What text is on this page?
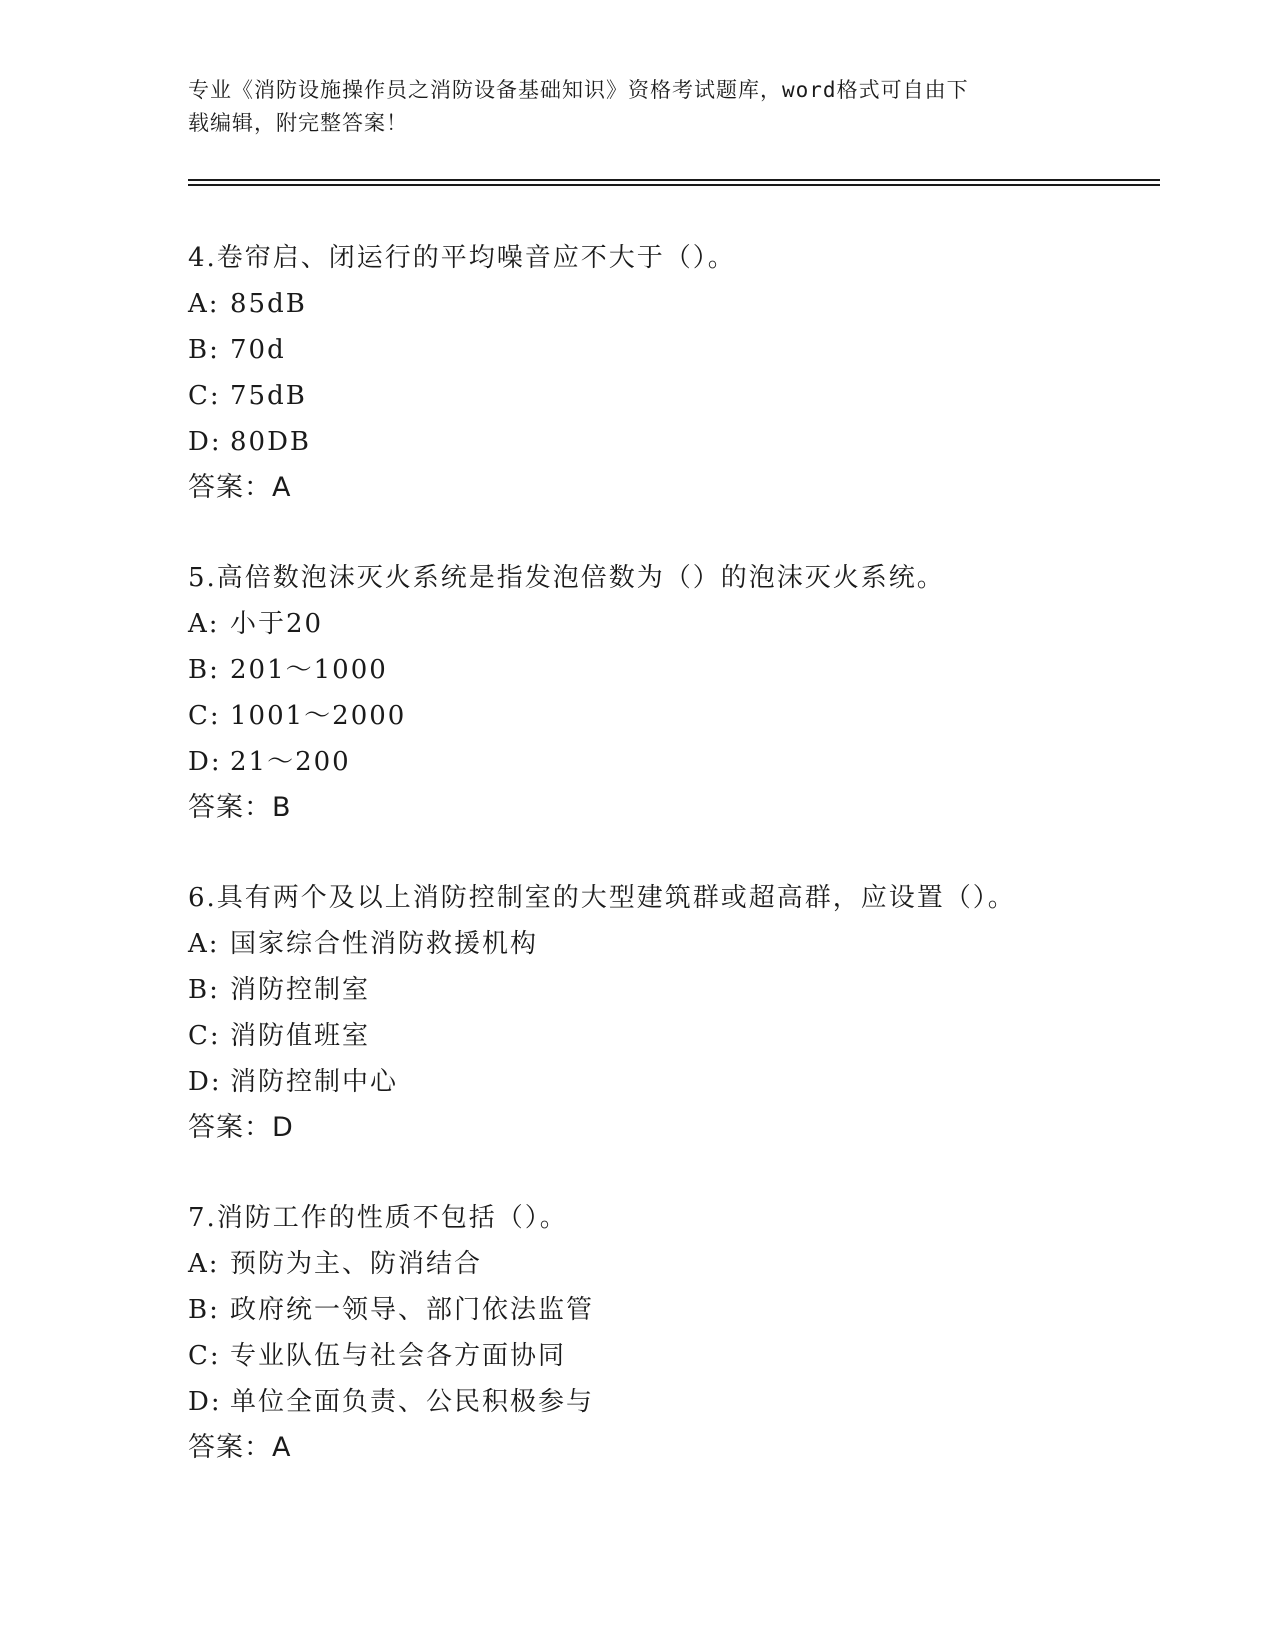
专业《消防设施操作员之消防设备基础知识》资格考试题库，word格式可自由下
载编辑，附完整答案！
4.卷帘启、闭运行的平均噪音应不大于（）。
A: 85dB
B: 70d
C: 75dB
D: 80DB
答案：A
5.高倍数泡沫灭火系统是指发泡倍数为（）的泡沫灭火系统。
A: 小于20
B: 201～1000
C: 1001～2000
D: 21～200
答案：B
6.具有两个及以上消防控制室的大型建筑群或超高群，应设置（）。
A: 国家综合性消防救援机构
B: 消防控制室
C: 消防值班室
D: 消防控制中心
答案：D
7.消防工作的性质不包括（）。
A: 预防为主、防消结合
B: 政府统一领导、部门依法监管
C: 专业队伍与社会各方面协同
D: 单位全面负责、公民积极参与
答案：A
